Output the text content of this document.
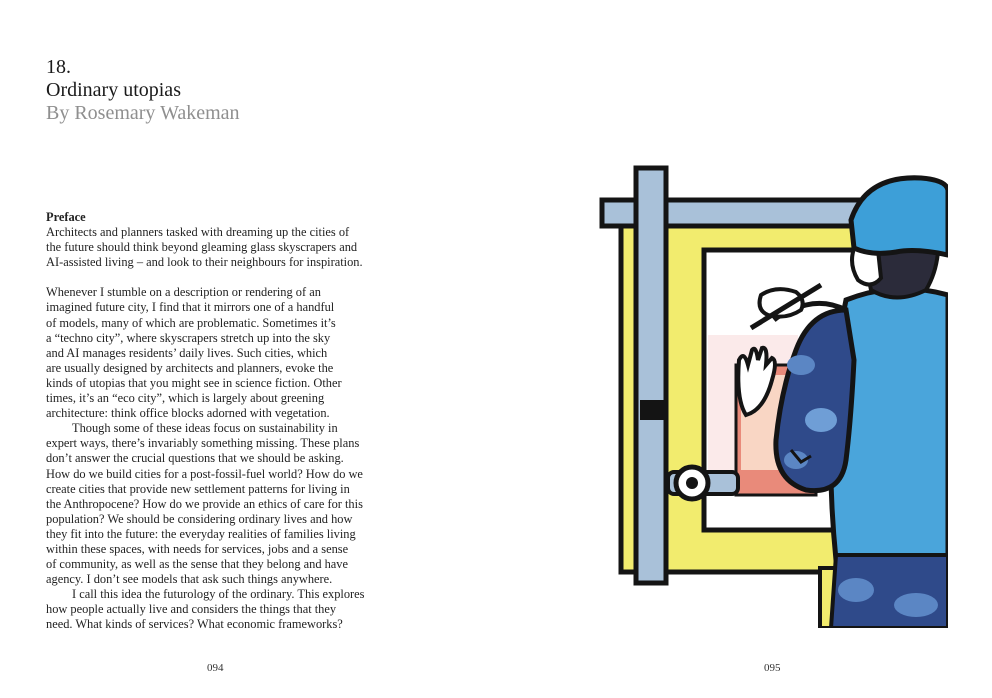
18.
Ordinary utopias
By Rosemary Wakeman
Preface

Architects and planners tasked with dreaming up the cities of
the future should think beyond gleaming glass skyscrapers and
AI-assisted living – and look to their neighbours for inspiration.

Whenever I stumble on a description or rendering of an
imagined future city, I find that it mirrors one of a handful
of models, many of which are problematic. Sometimes it’s
a “techno city”, where skyscrapers stretch up into the sky
and AI manages residents’ daily lives. Such cities, which
are usually designed by architects and planners, evoke the
kinds of utopias that you might see in science fiction. Other
times, it’s an “eco city”, which is largely about greening
architecture: think office blocks adorned with vegetation.

Though some of these ideas focus on sustainability in
expert ways, there’s invariably something missing. These plans
don’t answer the crucial questions that we should be asking.
How do we build cities for a post-fossil-fuel world? How do we
create cities that provide new settlement patterns for living in
the Anthropocene? How do we provide an ethics of care for this
population? We should be considering ordinary lives and how
they fit into the future: the everyday realities of families living
within these spaces, with needs for services, jobs and a sense
of community, as well as the sense that they belong and have
agency. I don’t see models that ask such things anywhere.

I call this idea the futurology of the ordinary. This explores
how people actually live and considers the things that they
need. What kinds of services? What economic frameworks?

094	095
